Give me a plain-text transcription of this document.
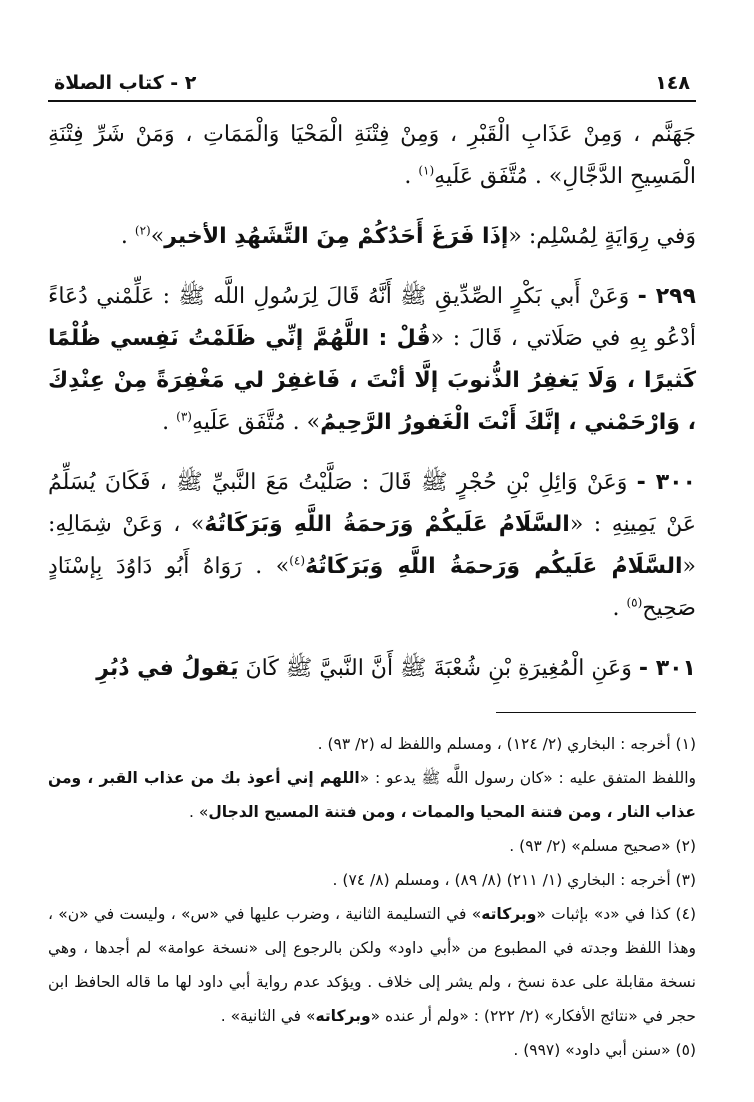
١٤٨
٢ - كتاب الصلاة

جَهَنَّم ، وَمِنْ عَذَابِ الْقَبْرِ ، وَمِنْ فِتْنَةِ الْمَحْيَا وَالْمَمَاتِ ، وَمَنْ شَرِّ فِتْنَةِ الْمَسِيحِ الدَّجَّالِ» . مُتَّفَق عَلَيهِ$^{(١)}$ .

وَفي رِوَايَةٍ لِمُسْلِم: «إذَا فَرَغَ أَحَدُكُمْ مِنَ التَّشَهُدِ الأخير»$^{(٢)}$ .

٢٩٩ - وَعَنْ أَبي بَكْرٍ الصِّدِّيقِ ﷺ أَنَّهُ قَالَ لِرَسُولِ اللَّه ﷺ : عَلِّمْني دُعَاءً أدْعُو بِهِ في صَلَاتي ، قَالَ : «قُلْ : اللَّهُمَّ إنِّي ظَلَمْتُ نَفِسي ظُلْمًا كَثيرًا ، وَلَا يَغفِرُ الذُّنوبَ إلَّا أنْتَ ، فَاغفِرْ لي مَغْفِرَةً مِنْ عِنْدِكَ ، وَارْحَمْني ، إنَّكَ أَنْتَ الْغَفورُ الرَّحِيمُ» . مُتَّفَق عَلَيهِ$^{(٣)}$ .

٣٠٠ - وَعَنْ وَائِلِ بْنِ حُجْرٍ ﷺ قَالَ : صَلَّيْتُ مَعَ النَّبيِّ ﷺ ، فَكَانَ يُسَلِّمُ عَنْ يَمِينِهِ : «السَّلَامُ عَلَيكُمْ وَرَحمَةُ اللَّهِ وَبَرَكَاتُهُ» ، وَعَنْ شِمَالِهِ: «السَّلَامُ عَلَيكُم وَرَحمَةُ اللَّهِ وَبَرَكَاتُهُ$^{(٤)}$» . رَوَاهُ أَبُو دَاوُدَ بِإسْنَادٍ صَحِيح$^{(٥)}$ .

٣٠١ - وَعَنِ الْمُغِيرَةِ بْنِ شُعْبَةَ ﷺ أَنَّ النَّبيَّ ﷺ كَانَ يَقولُ في دُبُرِ

(١) أخرجه : البخاري (٢/ ١٢٤) ، ومسلم واللفظ له (٢/ ٩٣) .

واللفظ المتفق عليه : «كان رسول اللَّه ﷺ يدعو : «اللهم إني أعوذ بك من عذاب القبر ، ومن عذاب النار ، ومن فتنة المحيا والممات ، ومن فتنة المسيح الدجال» .

(٢) «صحيح مسلم» (٢/ ٩٣) .

(٣) أخرجه : البخاري (١/ ٢١١) (٨/ ٨٩) ، ومسلم (٨/ ٧٤) .

(٤) كذا في «د» بإثبات «وبركاته» في التسليمة الثانية ، وضرب عليها في «س» ، وليست في «ن» ، وهذا اللفظ وجدته في المطبوع من «أبي داود» ولكن بالرجوع إلى «نسخة عوامة» لم أجدها ، وهي نسخة مقابلة على عدة نسخ ، ولم يشر إلى خلاف . ويؤكد عدم رواية أبي داود لها ما قاله الحافظ ابن حجر في «نتائج الأفكار» (٢/ ٢٢٢) : «ولم أر عنده «وبركاته» في الثانية» .

(٥) «سنن أبي داود» (٩٩٧) .
